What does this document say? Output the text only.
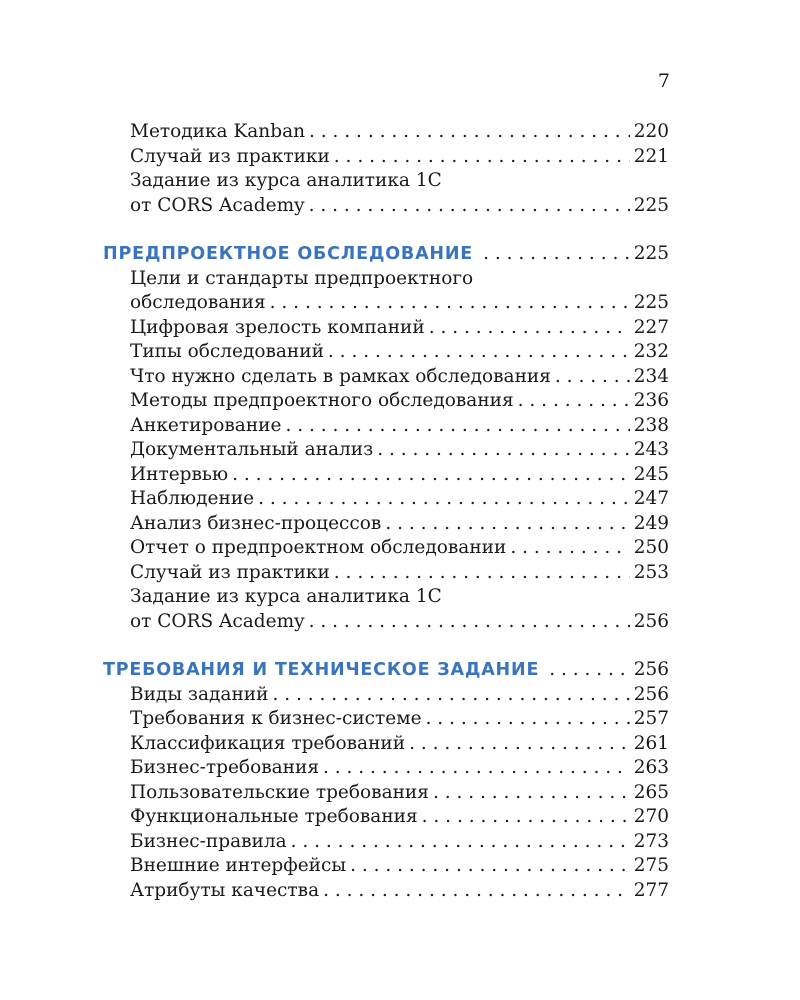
7
Методика Kanban . . .	220
Случай из практики . . .	221
Задание из курса аналитика 1С
от CORS Academy . . .	225
ПРЕДПРОЕКТНОЕ ОБСЛЕДОВАНИЕ . . .	225
Цели и стандарты предпроектного
обследования . . .	225
Цифровая зрелость компаний . . .	227
Типы обследований . . .	232
Что нужно сделать в рамках обследования . . .	234
Методы предпроектного обследования . . .	236
Анкетирование . . .	238
Документальный анализ . . .	243
Интервью . . .	245
Наблюдение . . .	247
Анализ бизнес-процессов . . .	249
Отчет о предпроектном обследовании . . .	250
Случай из практики . . .	253
Задание из курса аналитика 1С
от CORS Academy . . .	256
ТРЕБОВАНИЯ И ТЕХНИЧЕСКОЕ ЗАДАНИЕ . . .	256
Виды заданий . . .	256
Требования к бизнес-системе . . .	257
Классификация требований . . .	261
Бизнес-требования . . .	263
Пользовательские требования . . .	265
Функциональные требования . . .	270
Бизнес-правила . . .	273
Внешние интерфейсы . . .	275
Атрибуты качества . . .	277
